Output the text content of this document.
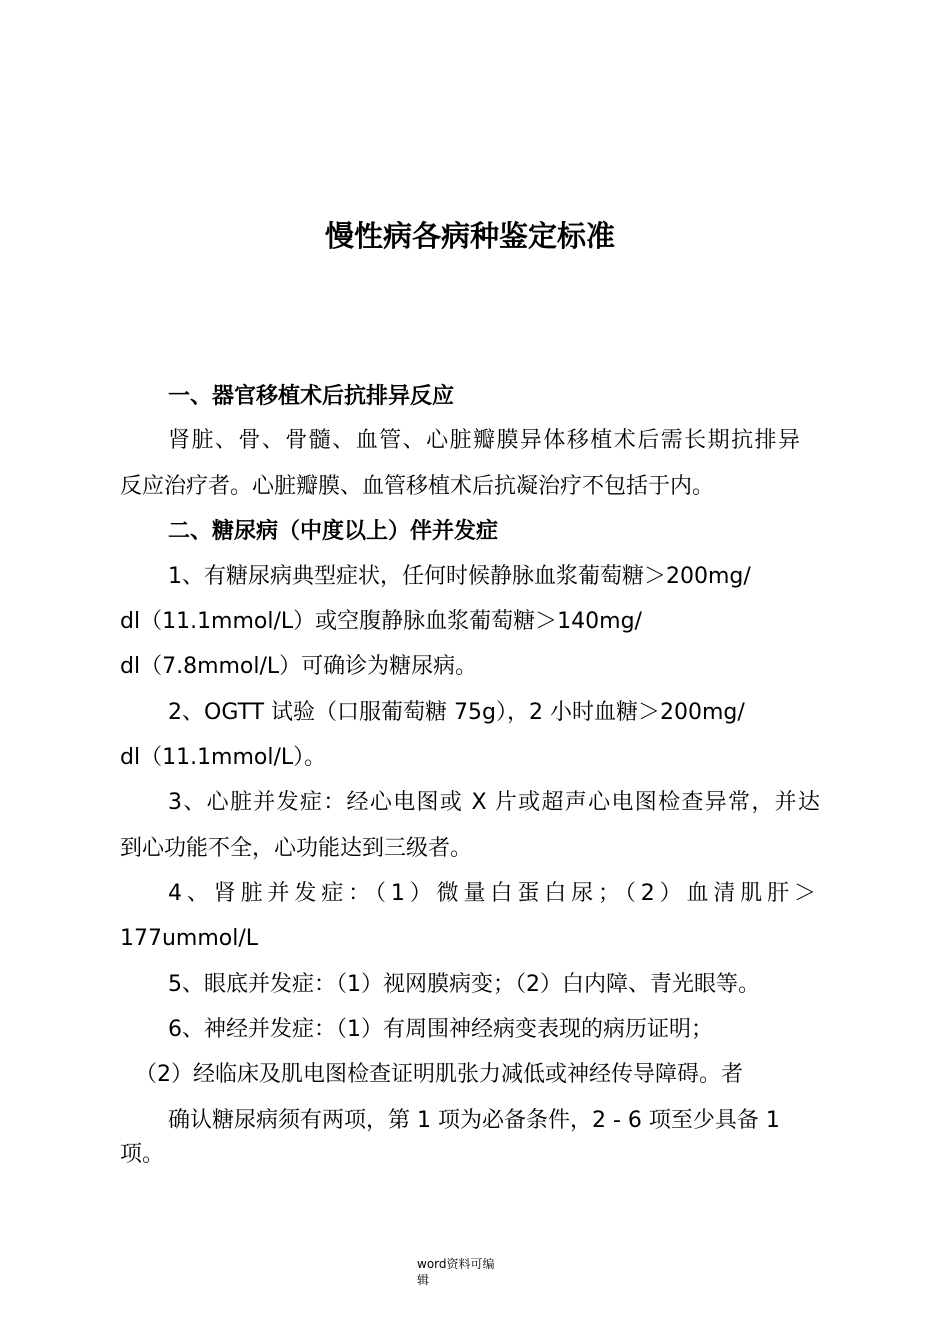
慢性病各病种鉴定标准
一、器官移植术后抗排异反应
肾脏、骨、骨髓、血管、心脏瓣膜异体移植术后需长期抗排异
反应治疗者。心脏瓣膜、血管移植术后抗凝治疗不包括于内。
二、糖尿病（中度以上）伴并发症
1、有糖尿病典型症状，任何时候静脉血浆葡萄糖＞200mg/
dl（11.1mmol/L）或空腹静脉血浆葡萄糖＞140mg/
dl（7.8mmol/L）可确诊为糖尿病。
2、OGTT 试验（口服葡萄糖 75g），2 小时血糖＞200mg/
dl（11.1mmol/L）。
3、心脏并发症：经心电图或 X 片或超声心电图检查异常，并达
到心功能不全，心功能达到三级者。
4、肾脏并发症：（1）微量白蛋白尿；（2）血清肌肝＞
177ummol/L
5、眼底并发症：（1）视网膜病变；（2）白内障、青光眼等。
6、神经并发症：（1）有周围神经病变表现的病历证明；
（2）经临床及肌电图检查证明肌张力减低或神经传导障碍。者
确认糖尿病须有两项，第 1 项为必备条件，2 - 6 项至少具备 1
项。
word资料可编
辑
